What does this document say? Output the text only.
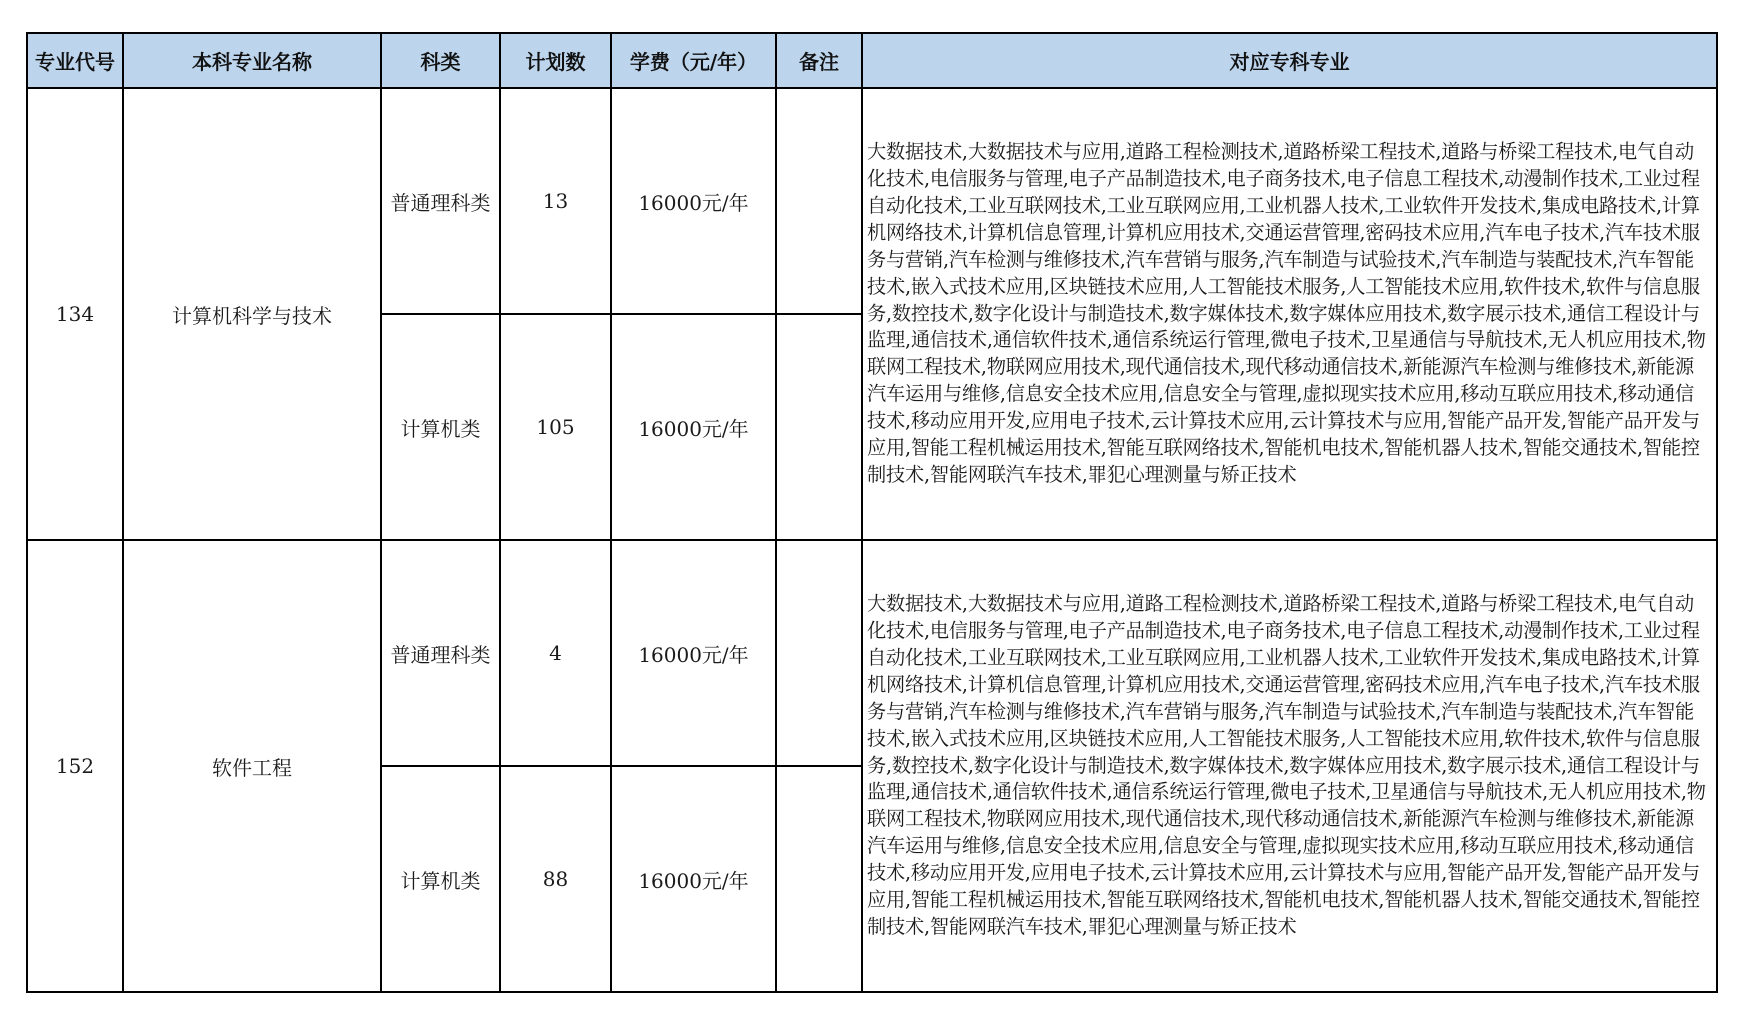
专业代号	本科专业名称	科类	计划数	学费（元/年）	备注	对应专科专业
134	计算机科学与技术	普通理科类	13	16000元/年		大数据技术,大数据技术与应用,道路工程检测技术,道路桥梁工程技术,道路与桥梁工程技术,电气自动化技术,电信服务与管理,电子产品制造技术,电子商务技术,电子信息工程技术,动漫制作技术,工业过程自动化技术,工业互联网技术,工业互联网应用,工业机器人技术,工业软件开发技术,集成电路技术,计算机网络技术,计算机信息管理,计算机应用技术,交通运营管理,密码技术应用,汽车电子技术,汽车技术服务与营销,汽车检测与维修技术,汽车营销与服务,汽车制造与试验技术,汽车制造与装配技术,汽车智能技术,嵌入式技术应用,区块链技术应用,人工智能技术服务,人工智能技术应用,软件技术,软件与信息服务,数控技术,数字化设计与制造技术,数字媒体技术,数字媒体应用技术,数字展示技术,通信工程设计与监理,通信技术,通信软件技术,通信系统运行管理,微电子技术,卫星通信与导航技术,无人机应用技术,物联网工程技术,物联网应用技术,现代通信技术,现代移动通信技术,新能源汽车检测与维修技术,新能源汽车运用与维修,信息安全技术应用,信息安全与管理,虚拟现实技术应用,移动互联应用技术,移动通信技术,移动应用开发,应用电子技术,云计算技术应用,云计算技术与应用,智能产品开发,智能产品开发与应用,智能工程机械运用技术,智能互联网络技术,智能机电技术,智能机器人技术,智能交通技术,智能控制技术,智能网联汽车技术,罪犯心理测量与矫正技术
		计算机类	105	16000元/年		
152	软件工程	普通理科类	4	16000元/年		大数据技术,大数据技术与应用,道路工程检测技术,道路桥梁工程技术,道路与桥梁工程技术,电气自动化技术,电信服务与管理,电子产品制造技术,电子商务技术,电子信息工程技术,动漫制作技术,工业过程自动化技术,工业互联网技术,工业互联网应用,工业机器人技术,工业软件开发技术,集成电路技术,计算机网络技术,计算机信息管理,计算机应用技术,交通运营管理,密码技术应用,汽车电子技术,汽车技术服务与营销,汽车检测与维修技术,汽车营销与服务,汽车制造与试验技术,汽车制造与装配技术,汽车智能技术,嵌入式技术应用,区块链技术应用,人工智能技术服务,人工智能技术应用,软件技术,软件与信息服务,数控技术,数字化设计与制造技术,数字媒体技术,数字媒体应用技术,数字展示技术,通信工程设计与监理,通信技术,通信软件技术,通信系统运行管理,微电子技术,卫星通信与导航技术,无人机应用技术,物联网工程技术,物联网应用技术,现代通信技术,现代移动通信技术,新能源汽车检测与维修技术,新能源汽车运用与维修,信息安全技术应用,信息安全与管理,虚拟现实技术应用,移动互联应用技术,移动通信技术,移动应用开发,应用电子技术,云计算技术应用,云计算技术与应用,智能产品开发,智能产品开发与应用,智能工程机械运用技术,智能互联网络技术,智能机电技术,智能机器人技术,智能交通技术,智能控制技术,智能网联汽车技术,罪犯心理测量与矫正技术
		计算机类	88	16000元/年		
